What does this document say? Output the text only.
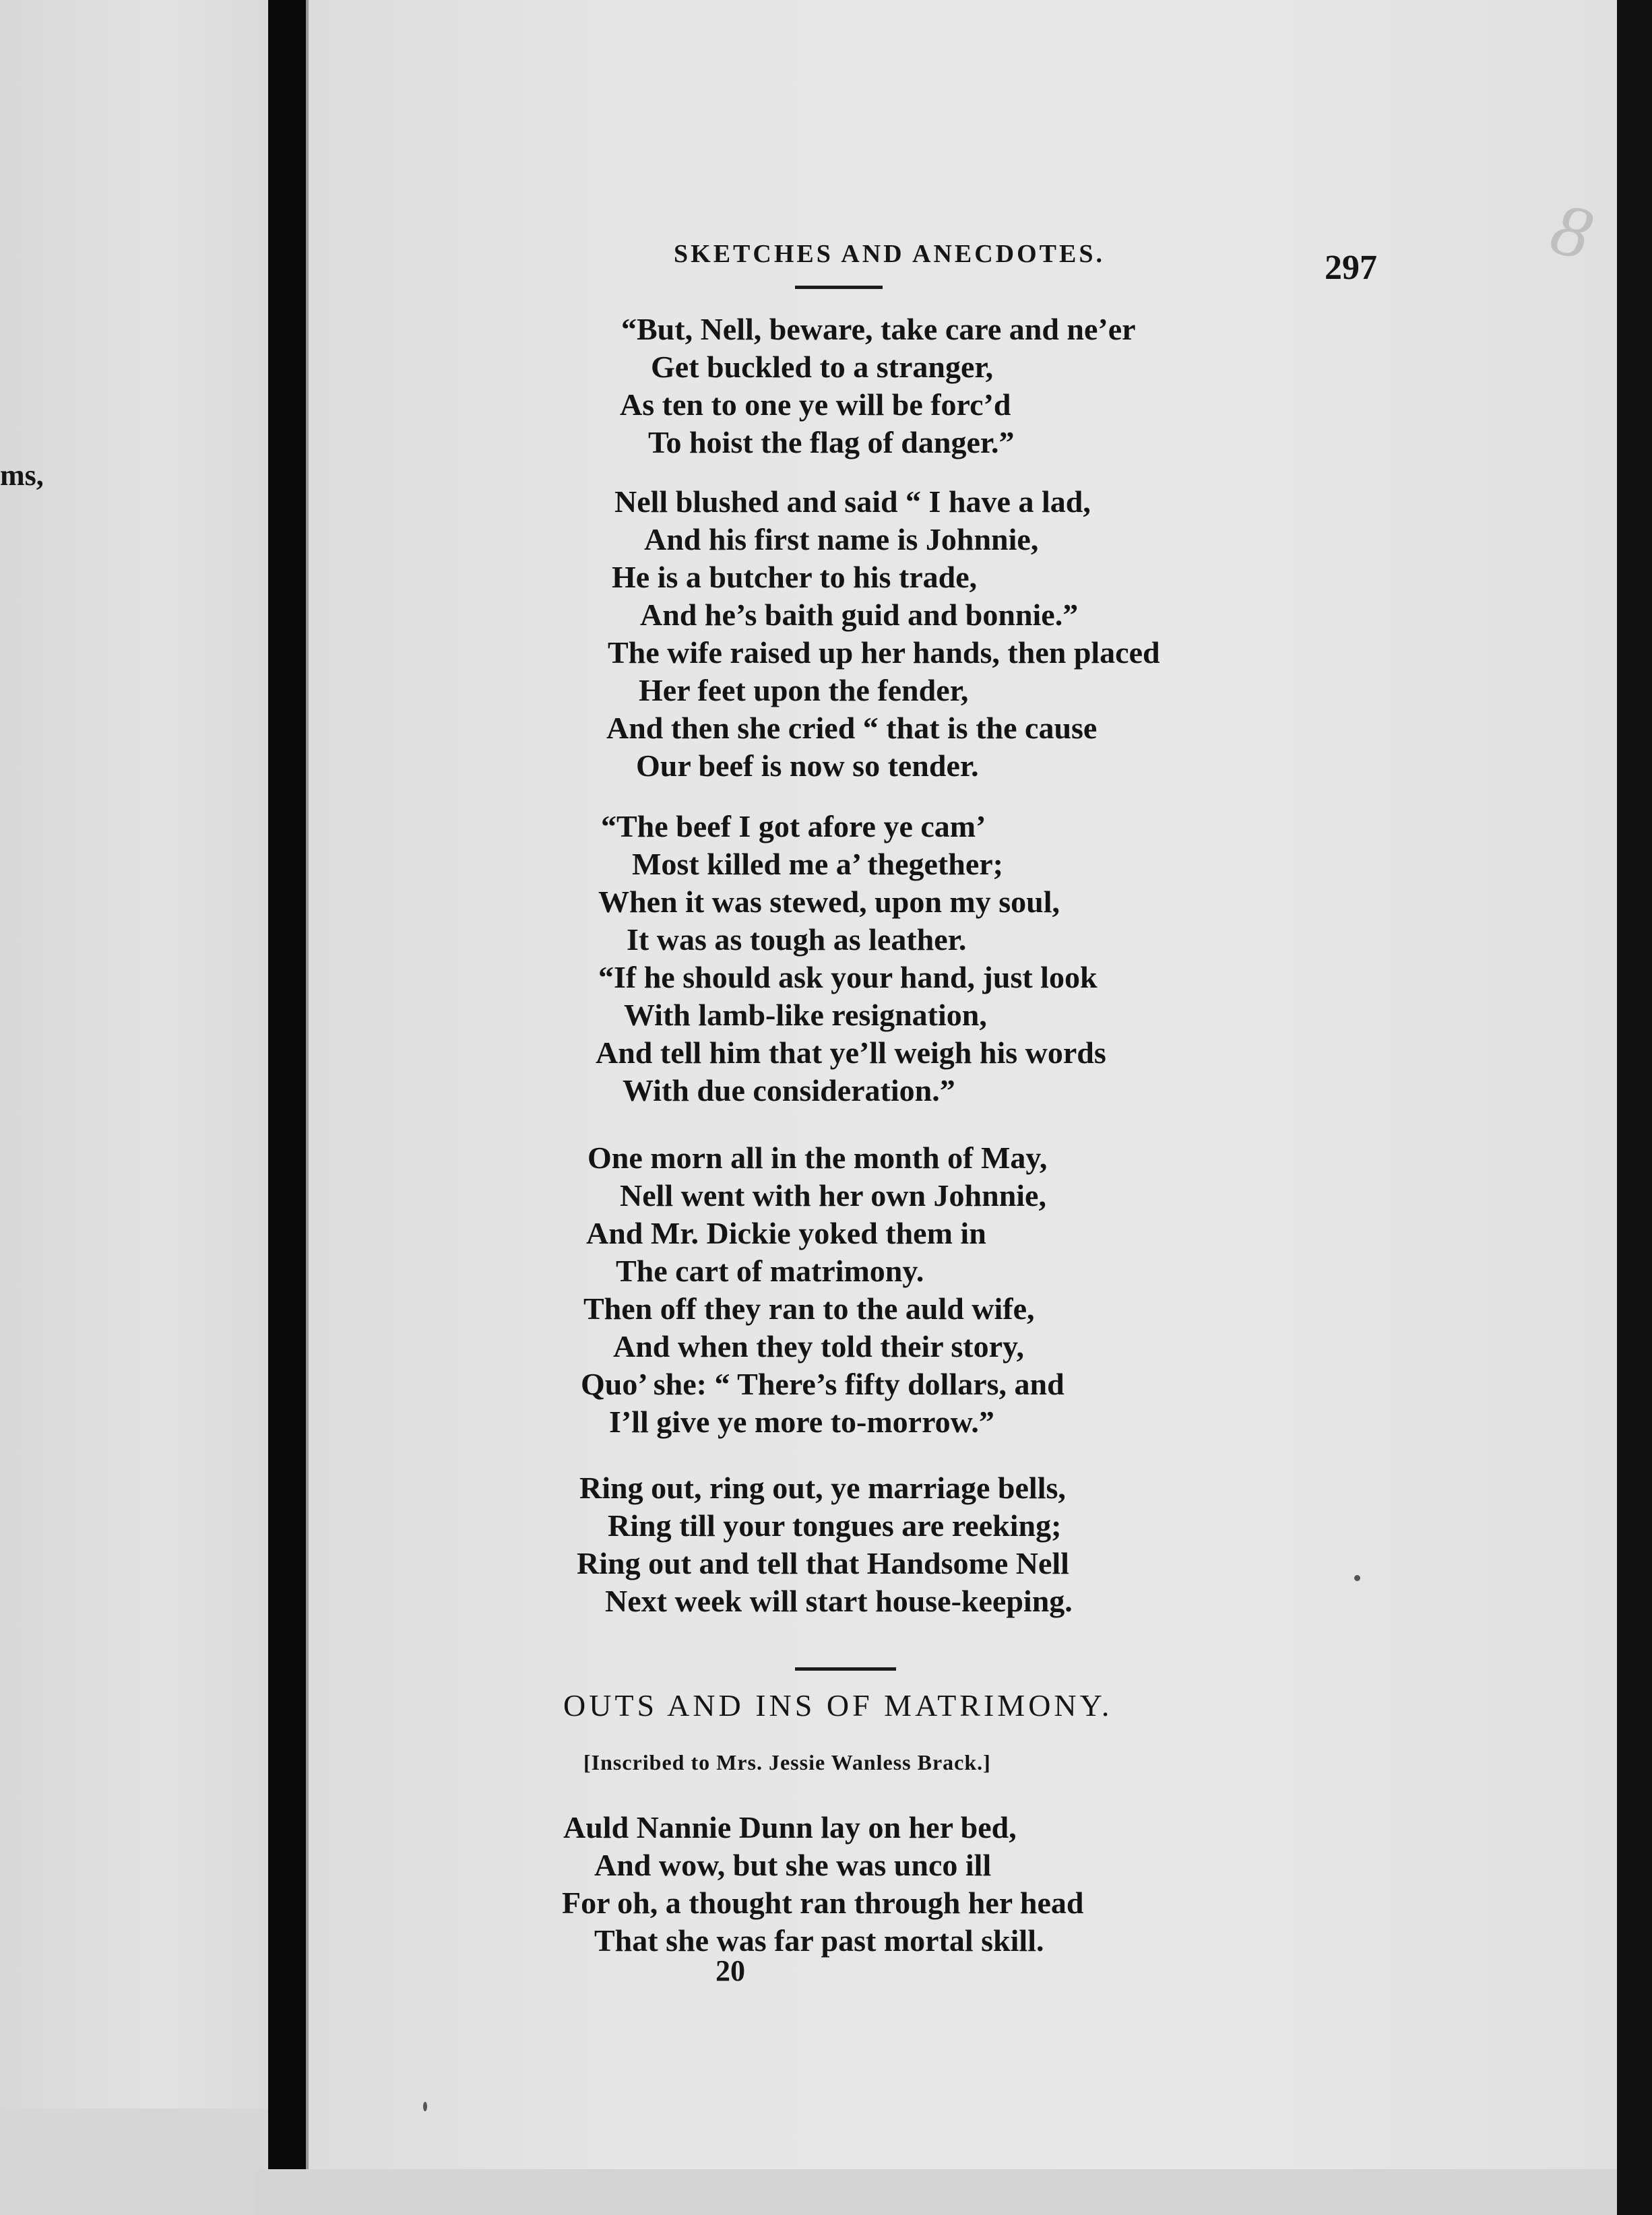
ms,
SKETCHES AND ANECDOTES.	297 8
“But, Nell, beware, take care and ne’er
Get buckled to a stranger,
As ten to one ye will be forc’d
To hoist the flag of danger.”
Nell blushed and said “ I have a lad,
And his first name is Johnnie,
He is a butcher to his trade,
And he’s baith guid and bonnie.”
The wife raised up her hands, then placed
Her feet upon the fender,
And then she cried “ that is the cause
Our beef is now so tender.
“The beef I got afore ye cam’
Most killed me a’ thegether;
When it was stewed, upon my soul,
It was as tough as leather.
“If he should ask your hand, just look
With lamb-like resignation,
And tell him that ye’ll weigh his words
With due consideration.”
One morn all in the month of May,
Nell went with her own Johnnie,
And Mr. Dickie yoked them in
The cart of matrimony.
Then off they ran to the auld wife,
And when they told their story,
Quo’ she: “ There’s fifty dollars, and
I’ll give ye more to-morrow.”
Ring out, ring out, ye marriage bells,
Ring till your tongues are reeking;
Ring out and tell that Handsome Nell
Next week will start house-keeping.
OUTS AND INS OF MATRIMONY.
[Inscribed to Mrs. Jessie Wanless Brack.]
Auld Nannie Dunn lay on her bed,
And wow, but she was unco ill
For oh, a thought ran through her head
That she was far past mortal skill.
20
